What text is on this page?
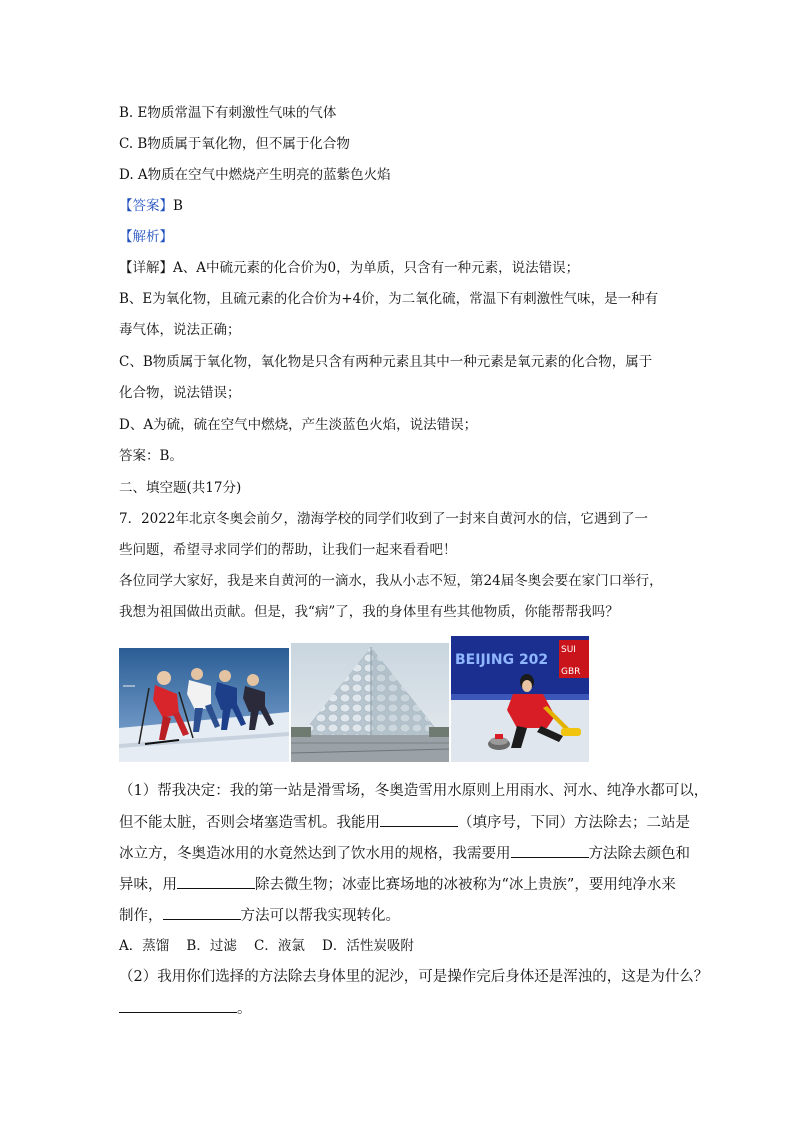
B. E物质常温下有刺激性气味的气体
C. B物质属于氧化物，但不属于化合物
D. A物质在空气中燃烧产生明亮的蓝紫色火焰
【答案】B
【解析】
【详解】A、A中硫元素的化合价为0，为单质，只含有一种元素，说法错误；
B、E为氧化物，且硫元素的化合价为+4价，为二氧化硫，常温下有刺激性气味，是一种有
毒气体，说法正确；
C、B物质属于氧化物，氧化物是只含有两种元素且其中一种元素是氧元素的化合物，属于
化合物，说法错误；
D、A为硫，硫在空气中燃烧，产生淡蓝色火焰，说法错误；
答案：B。
二、填空题(共17分)
7．2022年北京冬奥会前夕，渤海学校的同学们收到了一封来自黄河水的信，它遇到了一
些问题，希望寻求同学们的帮助，让我们一起来看看吧！
各位同学大家好，我是来自黄河的一滴水，我从小志不短，第24届冬奥会要在家门口举行，
我想为祖国做出贡献。但是，我“病”了，我的身体里有些其他物质，你能帮帮我吗？
BEIJING 202
SUI
GBR
（1）帮我决定：我的第一站是滑雪场，冬奥造雪用水原则上用雨水、河水、纯净水都可以，
但不能太脏，否则会堵塞造雪机。我能用	（填序号，下同）方法除去；二站是
冰立方，冬奥造冰用的水竟然达到了饮水用的规格，我需要用	方法除去颜色和
异味，用	除去微生物；冰壶比赛场地的冰被称为“冰上贵族”，要用纯净水来
制作，	方法可以帮我实现转化。
A．蒸馏    B．过滤    C．液氯    D．活性炭吸附
（2）我用你们选择的方法除去身体里的泥沙，可是操作完后身体还是浑浊的，这是为什么？
。
